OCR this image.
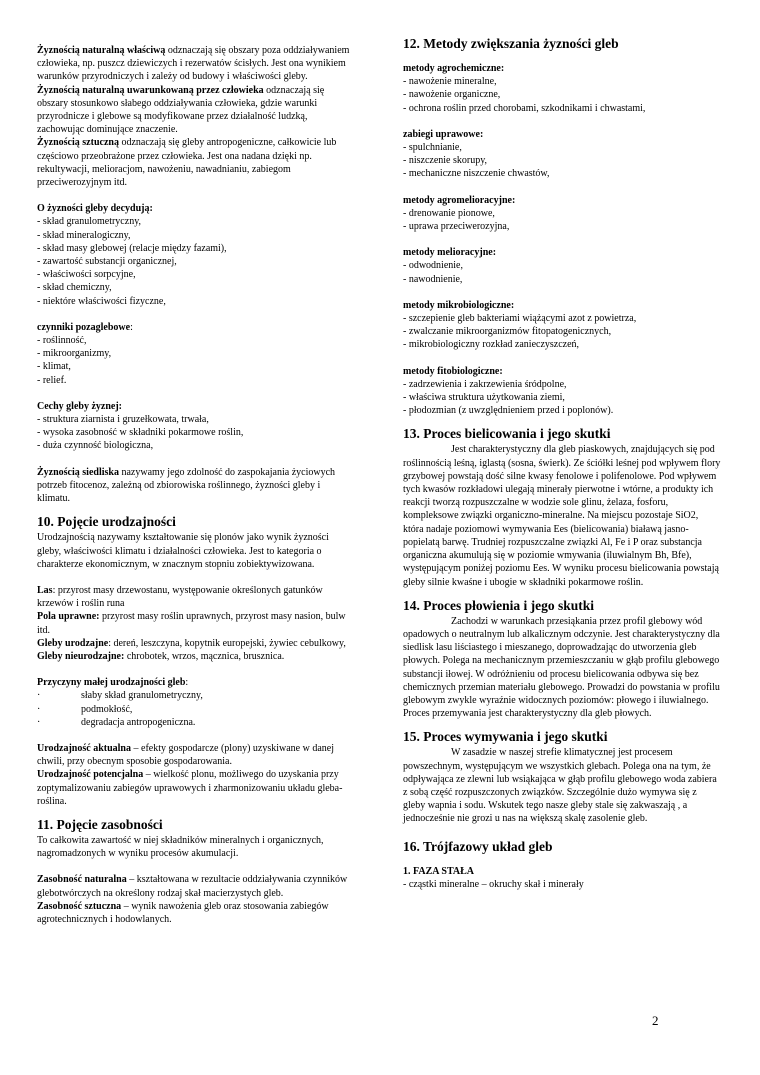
Żyznością naturalną właściwą odznaczają się obszary poza oddziaływaniem człowieka, np. puszcz dziewiczych i rezerwatów ścisłych. Jest ona wynikiem warunków przyrodniczych i zależy od budowy i właściwości gleby.

Żyznością naturalną uwarunkowaną przez człowieka odznaczają się obszary stosunkowo słabego oddziaływania człowieka, gdzie warunki przyrodnicze i glebowe są modyfikowane przez działalność ludzką, zachowując dominujące znaczenie.

Żyznością sztuczną odznaczają się gleby antropogeniczne, całkowicie lub częściowo przeobrażone przez człowieka. Jest ona nadana dzięki np. rekultywacji, melioracjom, nawożeniu, nawadnianiu, zabiegom przeciwerozyjnym itd.

O żyzności gleby decydują:

- skład granulometryczny,

- skład mineralogiczny,

- skład masy glebowej (relacje między fazami),

- zawartość substancji organicznej,

- właściwości sorpcyjne,

- skład chemiczny,

- niektóre właściwości fizyczne,

czynniki pozaglebowe:

- roślinność,

- mikroorganizmy,

- klimat,

- relief.

Cechy gleby żyznej:

- struktura ziarnista i gruzełkowata, trwała,

- wysoka zasobność w składniki pokarmowe roślin,

- duża czynność biologiczna,

Żyznością siedliska nazywamy jego zdolność do zaspokajania życiowych potrzeb fitocenoz, zależną od zbiorowiska roślinnego, żyzności gleby i klimatu.

10. Pojęcie urodzajności

Urodzajnością nazywamy kształtowanie się plonów jako wynik żyzności gleby, właściwości klimatu i działalności człowieka. Jest to kategoria o charakterze ekonomicznym, w znacznym stopniu zobiektywizowana.

Las: przyrost masy drzewostanu, występowanie określonych gatunków krzewów i roślin runa

Pola uprawne: przyrost masy roślin uprawnych, przyrost masy nasion, bulw itd.

Gleby urodzajne: dereń, leszczyna, kopytnik europejski, żywiec cebulkowy,

Gleby nieurodzajne: chrobotek, wrzos, mącznica, brusznica.

Przyczyny małej urodzajności gleb:

·	słaby skład granulometryczny,
·	podmokłość,
·	degradacja antropogeniczna.

Urodzajność aktualna – efekty gospodarcze (plony) uzyskiwane w danej chwili, przy obecnym sposobie gospodarowania.

Urodzajność potencjalna – wielkość plonu, możliwego do uzyskania przy zoptymalizowaniu zabiegów uprawowych i zharmonizowaniu układu gleba-roślina.

11. Pojęcie zasobności

To całkowita zawartość w niej składników mineralnych i organicznych, nagromadzonych w wyniku procesów akumulacji.

Zasobność naturalna – kształtowana w rezultacie oddziaływania czynników glebotwórczych na określony rodzaj skał macierzystych gleb.

Zasobność sztuczna – wynik nawożenia gleb oraz stosowania zabiegów agrotechnicznych i hodowlanych.

12. Metody zwiększania żyzności gleb

metody agrochemiczne:

- nawożenie mineralne,

- nawożenie organiczne,

- ochrona roślin przed chorobami, szkodnikami i chwastami,

zabiegi uprawowe:

- spulchnianie,

- niszczenie skorupy,

- mechaniczne niszczenie chwastów,

metody agromelioracyjne:

- drenowanie pionowe,

- uprawa przeciwerozyjna,

metody melioracyjne:

- odwodnienie,

- nawodnienie,

metody mikrobiologiczne:

- szczepienie gleb bakteriami wiążącymi azot z powietrza,

- zwalczanie mikroorganizmów fitopatogenicznych,

- mikrobiologiczny rozkład zanieczyszczeń,

metody fitobiologiczne:

- zadrzewienia i zakrzewienia śródpolne,

- właściwa struktura użytkowania ziemi,

- płodozmian (z uwzględnieniem przed i poplonów).

13. Proces bielicowania i jego skutki

Jest charakterystyczny dla gleb piaskowych, znajdujących się pod roślinnością leśną, iglastą (sosna, świerk). Ze ściółki leśnej pod wpływem flory grzybowej powstają dość silne kwasy fenolowe i polifenolowe. Pod wpływem tych kwasów rozkładowi ulegają minerały pierwotne i wtórne, a produkty ich reakcji tworzą rozpuszczalne w wodzie sole glinu, żelaza, fosforu, kompleksowe związki organiczno-mineralne. Na miejscu pozostaje SiO2, która nadaje poziomowi wymywania Ees (bielicowania) białawą jasno-popielatą barwę. Trudniej rozpuszczalne związki Al, Fe i P oraz substancja organiczna akumulują się w poziomie wmywania (iluwialnym Bh, Bfe), występującym poniżej poziomu Ees. W wyniku procesu bielicowania powstają gleby silnie kwaśne i ubogie w składniki pokarmowe roślin.

14. Proces płowienia i jego skutki

Zachodzi w warunkach przesiąkania przez profil glebowy wód opadowych o neutralnym lub alkalicznym odczynie. Jest charakterystyczny dla siedlisk lasu liściastego i mieszanego, doprowadzając do utworzenia gleb płowych. Polega na mechanicznym przemieszczaniu w głąb profilu glebowego substancji iłowej. W odróżnieniu od procesu bielicowania odbywa się bez chemicznych przemian materiału glebowego. Prowadzi do powstania w profilu glebowym zwykle wyraźnie widocznych poziomów: płowego i iluwialnego. Proces przemywania jest charakterystyczny dla gleb płowych.

15. Proces wymywania i jego skutki

W zasadzie w naszej strefie klimatycznej jest procesem powszechnym, występującym we wszystkich glebach. Polega ona na tym, że odpływająca ze zlewni lub wsiąkająca w głąb profilu glebowego woda zabiera z sobą część rozpuszczonych związków. Szczególnie dużo wymywa się z gleby wapnia i sodu. Wskutek tego nasze gleby stale się zakwaszają , a jednocześnie nie grozi u nas na większą skalę zasolenie gleb.

16. Trójfazowy układ gleb

1. FAZA STAŁA

- cząstki mineralne – okruchy skał i minerały

2
